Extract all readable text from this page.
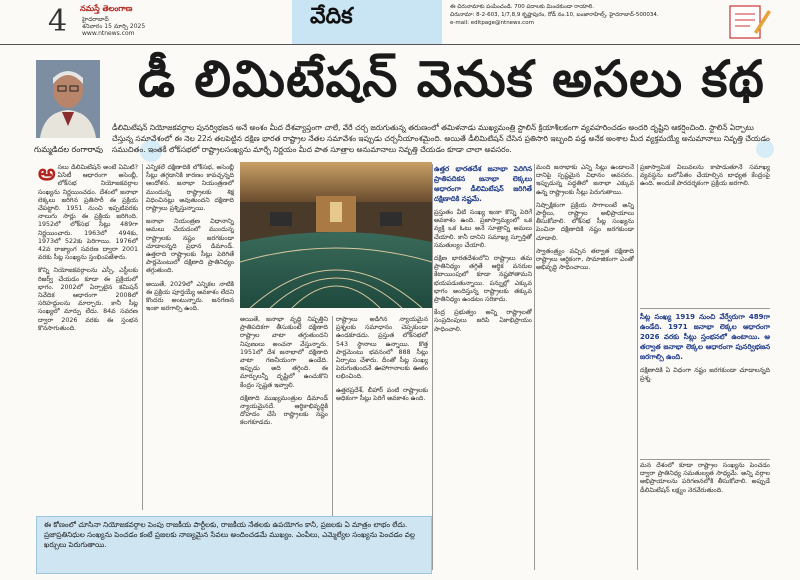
4 నమస్తే తెలంగాణ
హైదరాబాద్
శనివారం 15 మార్చి 2025
www.ntnews.com
వేదిక	ఈ చిరునామాకు పంపించండి. 700 పదాలకు మించకుండా రాయాలి.
చిరునామా: 8-2-603, 1/7,8,9 కృష్ణాపురం, రోడ్ నం.10, బంజారాహిల్స్, హైదరాబాద్-500034.
e-mail: editpage@ntnews.com
డీ లిమిటేషన్ వెనుక అసలు కథ
గుమ్మడిదల రంగారావు
డీలిమిటేషన్ నియోజకవర్గాల పునర్విభజన అనే అంశం మీద దేశవ్యాప్తంగా చాలే, వేరే చర్చ జరుగుతున్న తరుణంలో తమిళనాడు ముఖ్యమంత్రి స్టాలిన్ క్రియాశీలకంగా వ్యవహరించడం అందరి దృష్టిని ఆకర్షించింది. స్టాలిన్ ఏర్పాటు చేస్తున్న సమావేశంలో ఈ నెల 22న తలపెట్టిన దక్షిణ భారత రాష్ట్రాల నేతల సమావేశం ఇప్పుడు చర్చనీయాంశమైంది. అయితే డీలిమిటేషన్ చేసిన ప్రతిసారి ఇబ్బంది పడ్డ అనేక అంశాల మీద వ్యక్తమయ్యే అనుమానాలు నివృత్తి చేయడం సముచితం. ఇంతకీ లోక్‌సభలో రాష్ట్రాలసంఖ్యను మార్చే నిర్ణయం మీద పాత సూత్రాల అనుమానాలు నివృత్తి చేయడం కూడా చాలా అవసరం.
అ సలు డీలిమిటేషన్ అంటే ఏమిటి? ఏసిటీ ఆధారంగా అసెంబ్లీ, లోక్‌సభ నియోజకవర్గాల సంఖ్యను నిర్ణయించడం. దేశంలో జనాభా లెక్కలు జరిగిన ప్రతిసారీ ఈ ప్రక్రియ చేపట్టాలి. 1951 నుంచి ఇప్పటివరకు నాలుగు సార్లు ఈ ప్రక్రియ జరిగింది. 1952లో లోక్‌సభ సీట్లు 489గా నిర్ణయించారు. 1963లో 494కు, 1973లో 522కు పెరిగాయి. 1976లో 42వ రాజ్యాంగ సవరణ ద్వారా 2001 వరకు సీట్ల సంఖ్యను స్తంభింపజేశారు.

కొన్ని నియోజకవర్గాలను ఎస్సీ, ఎస్టీలకు రిజర్వ్ చేయడం కూడా ఈ ప్రక్రియలో భాగం. 2002లో ఏర్పాటైన కమిషన్ నివేదిక ఆధారంగా 2008లో సరిహద్దులను మార్చారు. కానీ సీట్ల సంఖ్యలో మార్పు లేదు. 84వ సవరణ ద్వారా 2026 వరకు ఈ స్తంభన కొనసాగుతుంది.

ఎన్నికలే దక్షిణాదికి లోక్‌సభ, అసెంబ్లీ సీట్లు తగ్గడానికి కారణం కావచ్చన్నది ఆందోళన. జనాభా నియంత్రణలో ముందున్న రాష్ట్రాలకు శిక్ష విధించినట్లు అవుతుందని దక్షిణాది రాష్ట్రాలు ప్రశ్నిస్తున్నాయి.

జనాభా నియంత్రణ విధానాన్ని అమలు చేయడంలో ముందున్న రాష్ట్రాలకు నష్టం జరగకుండా చూడాలన్నది ప్రధాన డిమాండ్. ఉత్తరాది రాష్ట్రాలకు సీట్లు పెరిగితే పార్లమెంటులో దక్షిణాది ప్రాతినిధ్యం తగ్గుతుంది.

అయితే, 2029లో ఎన్నికల నాటికి ఈ ప్రక్రియ పూర్తయ్యే అవకాశం లేదని కొందరు అంటున్నారు. జనగణన ఇంకా జరగాల్సి ఉంది.

అయితే, జనాభా వృద్ధి నిష్పత్తిని ప్రాతిపదికగా తీసుకుంటే దక్షిణాది రాష్ట్రాల వాటా తగ్గుతుందని నిపుణులు అంచనా వేస్తున్నారు. 1951లో దేశ జనాభాలో దక్షిణాది వాటా గణనీయంగా ఉండేది. ఇప్పుడు అది తగ్గింది. ఈ మార్పులన్నీ దృష్టిలో ఉంచుకొని కేంద్రం స్పష్టత ఇవ్వాలి.

దక్షిణాది ముఖ్యమంత్రుల డిమాండ్ న్యాయమైనదే. ఆర్థికాభివృద్ధికి దోహదం చేసే రాష్ట్రాలకు నష్టం కలగకూడదు.

రాష్ట్రాలు అడిగిన న్యాయమైన ప్రశ్నలకు సమాధానం చెప్పకుండా ఉండకూడదు. ప్రస్తుత లోక్‌సభలో 543 స్థానాలు ఉన్నాయి. కొత్త పార్లమెంటు భవనంలో 888 సీట్లు ఏర్పాటు చేశారు. దీంతో సీట్ల సంఖ్య పెరుగుతుందనే ఊహాగానాలకు ఊతం లభించింది.

ఉత్తరప్రదేశ్, బీహార్ వంటి రాష్ట్రాలకు అధికంగా సీట్లు పెరిగే అవకాశం ఉంది.

ఉత్తర భారతదేశ జనాభా పెరిగిన ప్రాతిపదికన జనాభా లెక్కలు ఆధారంగా డీలిమిటేషన్ జరిగితే దక్షిణాదికి నష్టమే.

ప్రస్తుతం వీటి సంఖ్య ఇంకా కొన్ని పెరిగే అవకాశం ఉంది. ప్రజాస్వామ్యంలో ఒక వ్యక్తి ఒక ఓటు అనే సూత్రాన్ని అమలు చేయాలి. కానీ దానిని సమాఖ్య స్ఫూర్తితో సమతుల్యం చేయాలి.

దక్షిణ భారతదేశంలోని రాష్ట్రాలు తమ ప్రాతినిధ్యం తగ్గితే ఆర్థిక వనరుల కేటాయింపులో కూడా నష్టపోతామని భయపడుతున్నాయి. పన్నుల్లో ఎక్కువ భాగం అందిస్తున్న రాష్ట్రాలకు తక్కువ ప్రాతినిధ్యం ఉండటం సరికాదు.

కేంద్ర ప్రభుత్వం అన్ని రాష్ట్రాలతో సంప్రదింపులు జరిపి ఏకాభిప్రాయం సాధించాలి.

మంది జనాభాకు ఎన్ని సీట్లు ఉండాలనే దానిపై స్పష్టమైన విధానం అవసరం. ఇప్పుడున్న పద్ధతిలో జనాభా ఎక్కువ ఉన్న రాష్ట్రాలకు సీట్లు పెరుగుతాయి.

నిష్పాక్షికంగా ప్రక్రియ సాగాలంటే అన్ని పార్టీలు, రాష్ట్రాల అభిప్రాయాలు తీసుకోవాలి. లోక్‌సభ సీట్ల సంఖ్యను పెంచినా దక్షిణాదికి నష్టం జరగకుండా చూడాలి.

స్వాతంత్ర్యం వచ్చిన తర్వాత దక్షిణాది రాష్ట్రాలు ఆర్థికంగా, సామాజికంగా ఎంతో అభివృద్ధి సాధించాయి.

ప్రజాస్వామిక విలువలను కాపాడుతూనే సమాఖ్య వ్యవస్థను బలోపేతం చేయాల్సిన బాధ్యత కేంద్రంపై ఉంది. అందుకే పారదర్శకంగా ప్రక్రియ జరగాలి.

సీట్ల సంఖ్య 1919 నుంచి వేర్వేరుగా 489గా ఉండేది. 1971 జనాభా లెక్కల ఆధారంగా 2026 వరకు సీట్లు స్తంభనలో ఉంటాయి. ఆ తర్వాత జనాభా లెక్కల ఆధారంగా పునర్విభజన జరగాల్సి ఉంది.

దక్షిణాదికి ఏ విధంగా నష్టం జరగకుండా చూడాలన్నది ప్రశ్న.

మన దేశంలో కూడా రాష్ట్రాల సంఖ్యను పెంచడం ద్వారా ప్రాతినిధ్య సమతుల్యత సాధ్యమే. అన్ని వర్గాల అభిప్రాయాలను పరిగణనలోకి తీసుకోవాలి. అప్పుడే డీలిమిటేషన్ లక్ష్యం నెరవేరుతుంది.

ఈ కోణంలో చూసినా నియోజకవర్గాల పెంపు రాజకీయ పార్టీలకు, రాజకీయ నేతలకు ఉపయోగం కానీ, ప్రజలకు ఏ మాత్రం లాభం లేదు. ప్రజాప్రతినిధుల సంఖ్యను పెంచడం కంటే ప్రజలకు నాణ్యమైన సేవలు అందించడమే ముఖ్యం. ఎంపీలు, ఎమ్మెల్యేల సంఖ్యను పెంచడం వల్ల ఖర్చులు పెరుగుతాయి.
